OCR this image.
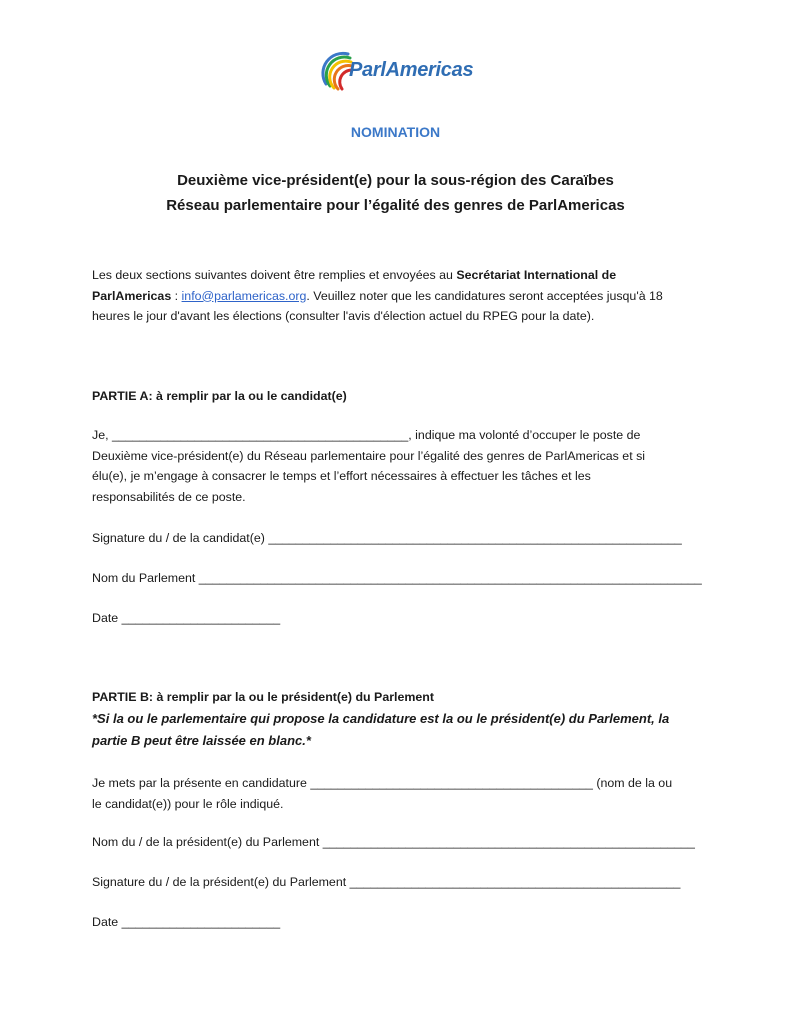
ParlAmericas
NOMINATION
Deuxième vice-président(e) pour la sous-région des Caraïbes
Réseau parlementaire pour l’égalité des genres de ParlAmericas
Les deux sections suivantes doivent être remplies et envoyées au Secrétariat International de
ParlAmericas : info@parlamericas.org. Veuillez noter que les candidatures seront acceptées jusqu'à 18
heures le jour d'avant les élections (consulter l'avis d'élection actuel du RPEG pour la date).
PARTIE A: à remplir par la ou le candidat(e)
Je, ___________________________________________, indique ma volonté d’occuper le poste de
Deuxième vice-président(e) du Réseau parlementaire pour l’égalité des genres de ParlAmericas et si
élu(e), je m’engage à consacrer le temps et l’effort nécessaires à effectuer les tâches et les
responsabilités de ce poste.
Signature du / de la candidat(e) ____________________________________________________________
Nom du Parlement _________________________________________________________________________
Date _______________________
PARTIE B: à remplir par la ou le président(e) du Parlement
*Si la ou le parlementaire qui propose la candidature est la ou le président(e) du Parlement, la
partie B peut être laissée en blanc.*
Je mets par la présente en candidature _________________________________________ (nom de la ou
le candidat(e)) pour le rôle indiqué.
Nom du / de la président(e) du Parlement ______________________________________________________
Signature du / de la président(e) du Parlement ________________________________________________
Date _______________________
